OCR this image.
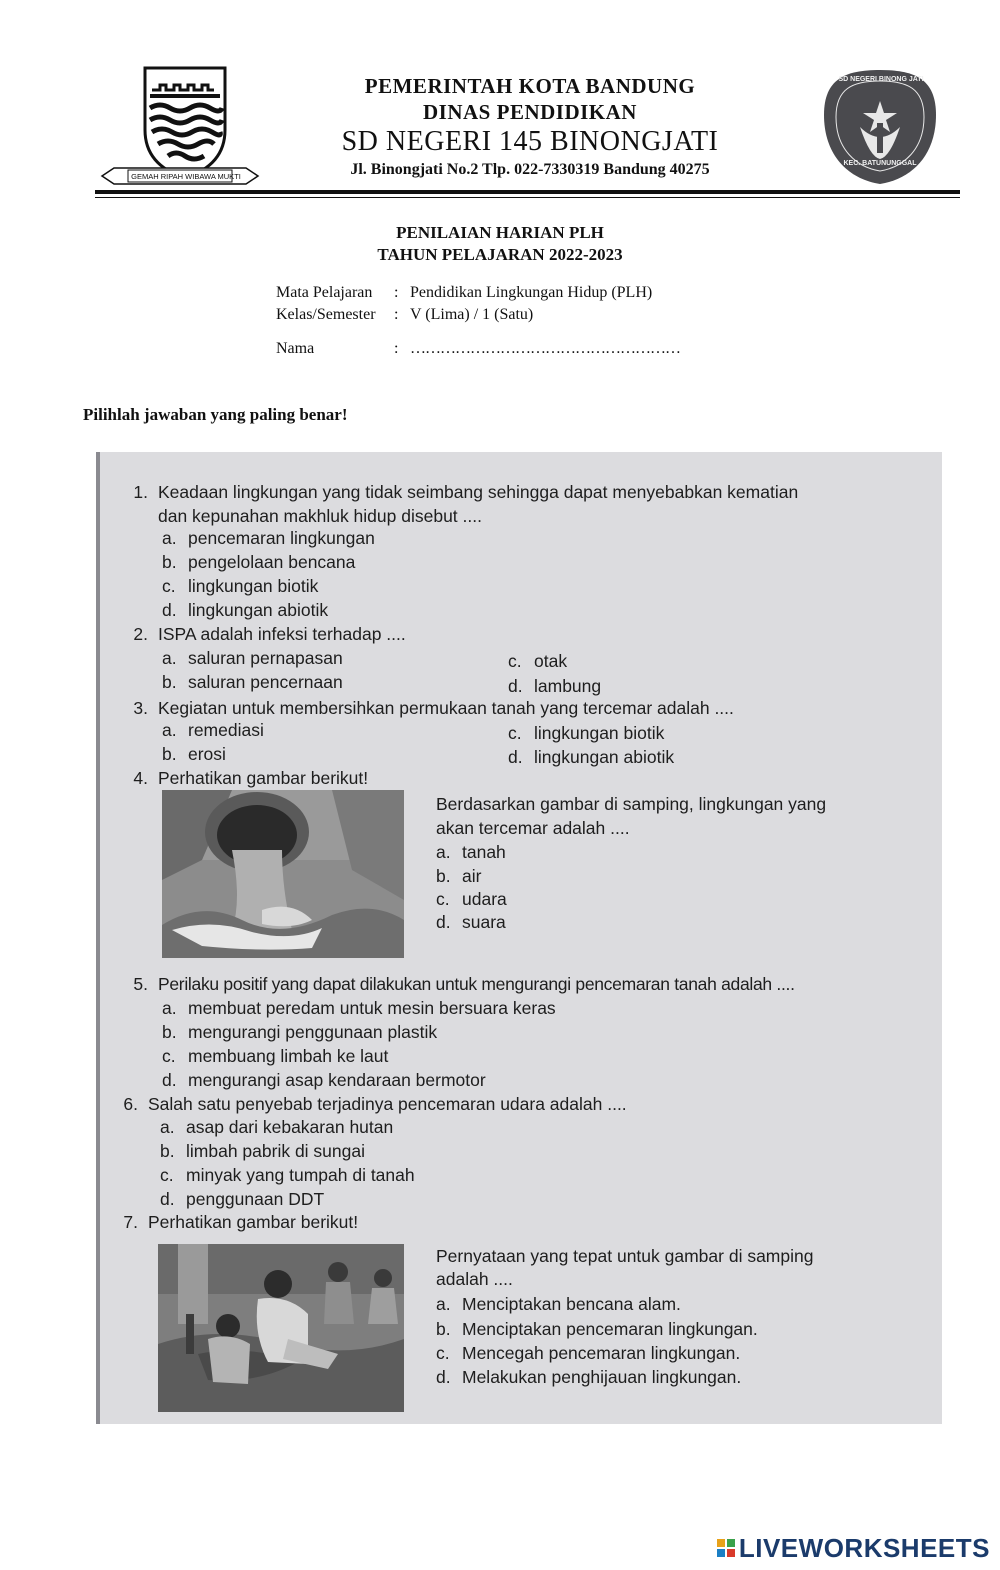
GEMAH RIPAH WIBAWA MUKTI
PEMERINTAH KOTA BANDUNG
DINAS PENDIDIKAN
SD NEGERI 145 BINONGJATI
Jl. Binongjati No.2 Tlp. 022-7330319 Bandung 40275
SD NEGERI BINONG JATI
KEC. BATUNUNGGAL
PENILAIAN HARIAN PLH
TAHUN PELAJARAN 2022-2023
Mata Pelajaran	: Pendidikan Lingkungan Hidup (PLH)
Kelas/Semester	: V (Lima) / 1 (Satu)
Nama	: ………………………………………………
Pilihlah jawaban yang paling benar!
1. Keadaan lingkungan yang tidak seimbang sehingga dapat menyebabkan kematian
dan kepunahan makhluk hidup disebut ....
a. pencemaran lingkungan
b. pengelolaan bencana
c. lingkungan biotik
d. lingkungan abiotik
2. ISPA adalah infeksi terhadap ....
a. saluran pernapasan
b. saluran pencernaan
c. otak
d. lambung
3. Kegiatan untuk membersihkan permukaan tanah yang tercemar adalah ....
a. remediasi
b. erosi
c. lingkungan biotik
d. lingkungan abiotik
4. Perhatikan gambar berikut!
Berdasarkan gambar di samping, lingkungan yang
akan tercemar adalah ....
a. tanah
b. air
c. udara
d. suara
5. Perilaku positif yang dapat dilakukan untuk mengurangi pencemaran tanah adalah ....
a. membuat peredam untuk mesin bersuara keras
b. mengurangi penggunaan plastik
c. membuang limbah ke laut
d. mengurangi asap kendaraan bermotor
6. Salah satu penyebab terjadinya pencemaran udara adalah ....
a. asap dari kebakaran hutan
b. limbah pabrik di sungai
c. minyak yang tumpah di tanah
d. penggunaan DDT
7. Perhatikan gambar berikut!
Pernyataan yang tepat untuk gambar di samping
adalah ....
a. Menciptakan bencana alam.
b. Menciptakan pencemaran lingkungan.
c. Mencegah pencemaran lingkungan.
d. Melakukan penghijauan lingkungan.
LIVEWORKSHEETS
